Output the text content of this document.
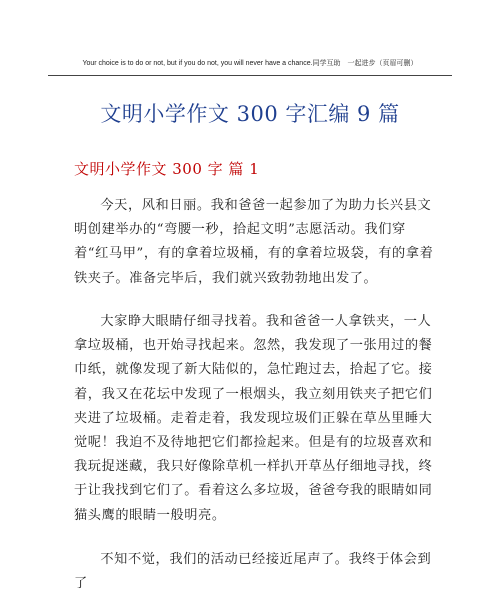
Your choice is to do or not, but if you do not, you will never have a chance.同学互助　一起进步（页眉可删）
文明小学作文 300 字汇编 9 篇
文明小学作文 300 字 篇 1

今天，风和日丽。我和爸爸一起参加了为助力长兴县文明创建举办的“弯腰一秒，拾起文明”志愿活动。我们穿着“红马甲”，有的拿着垃圾桶，有的拿着垃圾袋，有的拿着铁夹子。准备完毕后，我们就兴致勃勃地出发了。

大家睁大眼睛仔细寻找着。我和爸爸一人拿铁夹，一人拿垃圾桶，也开始寻找起来。忽然，我发现了一张用过的餐巾纸，就像发现了新大陆似的，急忙跑过去，拾起了它。接着，我又在花坛中发现了一根烟头，我立刻用铁夹子把它们夹进了垃圾桶。走着走着，我发现垃圾们正躲在草丛里睡大觉呢！我迫不及待地把它们都捡起来。但是有的垃圾喜欢和我玩捉迷藏，我只好像除草机一样扒开草丛仔细地寻找，终于让我找到它们了。看着这么多垃圾，爸爸夸我的眼睛如同猫头鹰的眼睛一般明亮。

不知不觉，我们的活动已经接近尾声了。我终于体会到了
